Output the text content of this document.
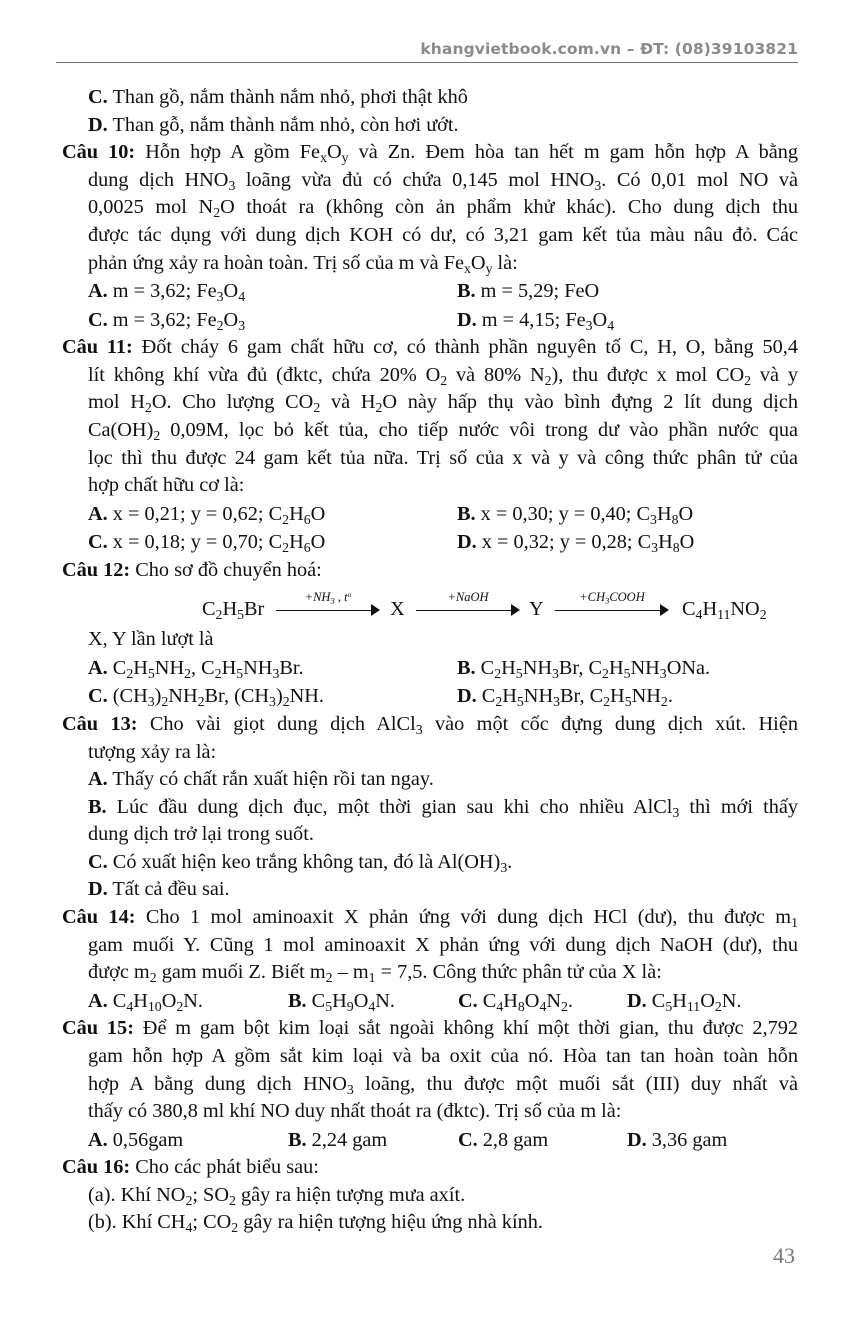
khangvietbook.com.vn – ĐT: (08)39103821
C. Than gồ, nắm thành nắm nhỏ, phơi thật khô
D. Than gỗ, nắm thành nắm nhỏ, còn hơi ướt.
Câu 10: Hỗn hợp A gồm $Fe_xO_y$ và Zn. Đem hòa tan hết m gam hỗn hợp A bằng
dung dịch $HNO_3$ loãng vừa đủ có chứa 0,145 mol $HNO_3$. Có 0,01 mol NO và
0,0025 mol $N_2O$ thoát ra (không còn ản phẩm khử khác). Cho dung dịch thu
được tác dụng với dung dịch KOH có dư, có 3,21 gam kết tủa màu nâu đỏ. Các
phản ứng xảy ra hoàn toàn. Trị số của m và $Fe_xO_y$ là:
A. m = 3,62; $Fe_3O_4$	B. m = 5,29; FeO
C. m = 3,62; $Fe_2O_3$	D. m = 4,15; $Fe_3O_4$
Câu 11: Đốt cháy 6 gam chất hữu cơ, có thành phần nguyên tố C, H, O, bằng 50,4
lít không khí vừa đủ (đktc, chứa 20% $O_2$ và 80% $N_2$), thu được x mol $CO_2$ và y
mol $H_2O$. Cho lượng $CO_2$ và $H_2O$ này hấp thụ vào bình đựng 2 lít dung dịch
$Ca(OH)_2$ 0,09M, lọc bỏ kết tủa, cho tiếp nước vôi trong dư vào phần nước qua
lọc thì thu được 24 gam kết tủa nữa. Trị số của x và y và công thức phân tử của
hợp chất hữu cơ là:
A. x = 0,21; y = 0,62; $C_2H_6O$	B. x = 0,30; y = 0,40; $C_3H_8O$
C. x = 0,18; y = 0,70; $C_2H_6O$	D. x = 0,32; y = 0,28; $C_3H_8O$
Câu 12: Cho sơ đồ chuyển hoá:
$C_2H_5Br$
$+NH_3$ , $t^o$
X
+NaOH
Y
$+CH_3COOH$
$C_4H_{11}NO_2$
X, Y lần lượt là
A. $C_2H_5NH_2$, $C_2H_5NH_3Br$.	B. $C_2H_5NH_3Br$, $C_2H_5NH_3ONa$.
C. $(CH_3)_2NH_2Br$, $(CH_3)_2NH$.	D. $C_2H_5NH_3Br$, $C_2H_5NH_2$.
Câu 13: Cho vài giọt dung dịch AlCl$_3$ vào một cốc đựng dung dịch xút. Hiện
tượng xảy ra là:
A. Thấy có chất rắn xuất hiện rồi tan ngay.
B. Lúc đầu dung dịch đục, một thời gian sau khi cho nhiều AlCl$_3$ thì mới thấy
dung dịch trở lại trong suốt.
C. Có xuất hiện keo trắng không tan, đó là $Al(OH)_3$.
D. Tất cả đều sai.
Câu 14: Cho 1 mol aminoaxit X phản ứng với dung dịch HCl (dư), thu được $m_1$
gam muối Y. Cũng 1 mol aminoaxit X phản ứng với dung dịch NaOH (dư), thu
được $m_2$ gam muối Z. Biết $m_2 - m_1 = 7,5$. Công thức phân tử của X là:
A. $C_4H_{10}O_2N$.	B. $C_5H_9O_4N$.	C. $C_4H_8O_4N_2$.	D. $C_5H_{11}O_2N$.
Câu 15: Để m gam bột kim loại sắt ngoài không khí một thời gian, thu được 2,792
gam hỗn hợp A gồm sắt kim loại và ba oxit của nó. Hòa tan tan hoàn toàn hỗn
hợp A bằng dung dịch $HNO_3$ loãng, thu được một muối sắt (III) duy nhất và
thấy có 380,8 ml khí NO duy nhất thoát ra (đktc). Trị số của m là:
A. 0,56gam	B. 2,24 gam	C. 2,8 gam	D. 3,36 gam
Câu 16: Cho các phát biểu sau:
(a). Khí $NO_2$; $SO_2$ gây ra hiện tượng mưa axít.
(b). Khí $CH_4$; $CO_2$ gây ra hiện tượng hiệu ứng nhà kính.
43
